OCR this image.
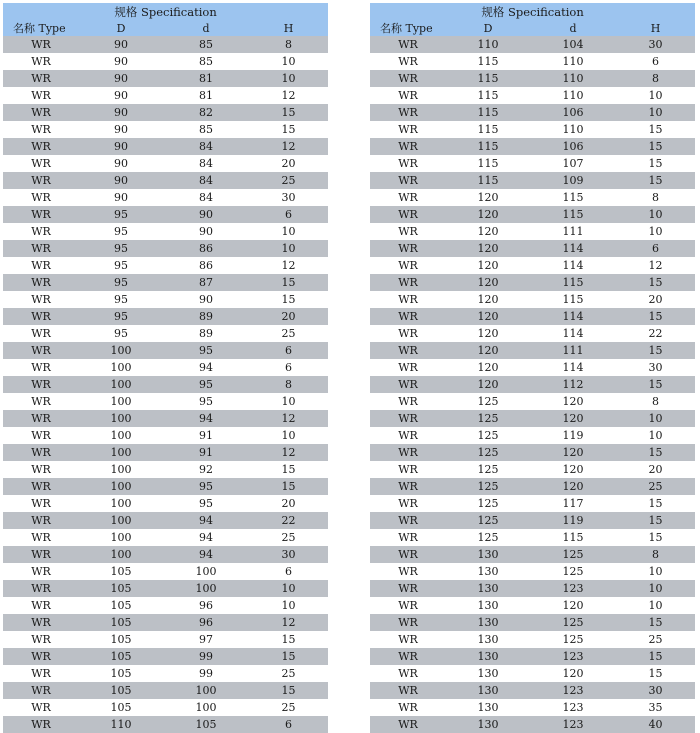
规格 Specification			
名称 Type	D	d	H
WR	90	85	8
WR	90	85	10
WR	90	81	10
WR	90	81	12
WR	90	82	15
WR	90	85	15
WR	90	84	12
WR	90	84	20
WR	90	84	25
WR	90	84	30
WR	95	90	6
WR	95	90	10
WR	95	86	10
WR	95	86	12
WR	95	87	15
WR	95	90	15
WR	95	89	20
WR	95	89	25
WR	100	95	6
WR	100	94	6
WR	100	95	8
WR	100	95	10
WR	100	94	12
WR	100	91	10
WR	100	91	12
WR	100	92	15
WR	100	95	15
WR	100	95	20
WR	100	94	22
WR	100	94	25
WR	100	94	30
WR	105	100	6
WR	105	100	10
WR	105	96	10
WR	105	96	12
WR	105	97	15
WR	105	99	15
WR	105	99	25
WR	105	100	15
WR	105	100	25
WR	110	105	6
规格 Specification			
名称 Type	D	d	H
WR	110	104	30
WR	115	110	6
WR	115	110	8
WR	115	110	10
WR	115	106	10
WR	115	110	15
WR	115	106	15
WR	115	107	15
WR	115	109	15
WR	120	115	8
WR	120	115	10
WR	120	111	10
WR	120	114	6
WR	120	114	12
WR	120	115	15
WR	120	115	20
WR	120	114	15
WR	120	114	22
WR	120	111	15
WR	120	114	30
WR	120	112	15
WR	125	120	8
WR	125	120	10
WR	125	119	10
WR	125	120	15
WR	125	120	20
WR	125	120	25
WR	125	117	15
WR	125	119	15
WR	125	115	15
WR	130	125	8
WR	130	125	10
WR	130	123	10
WR	130	120	10
WR	130	125	15
WR	130	125	25
WR	130	123	15
WR	130	120	15
WR	130	123	30
WR	130	123	35
WR	130	123	40
